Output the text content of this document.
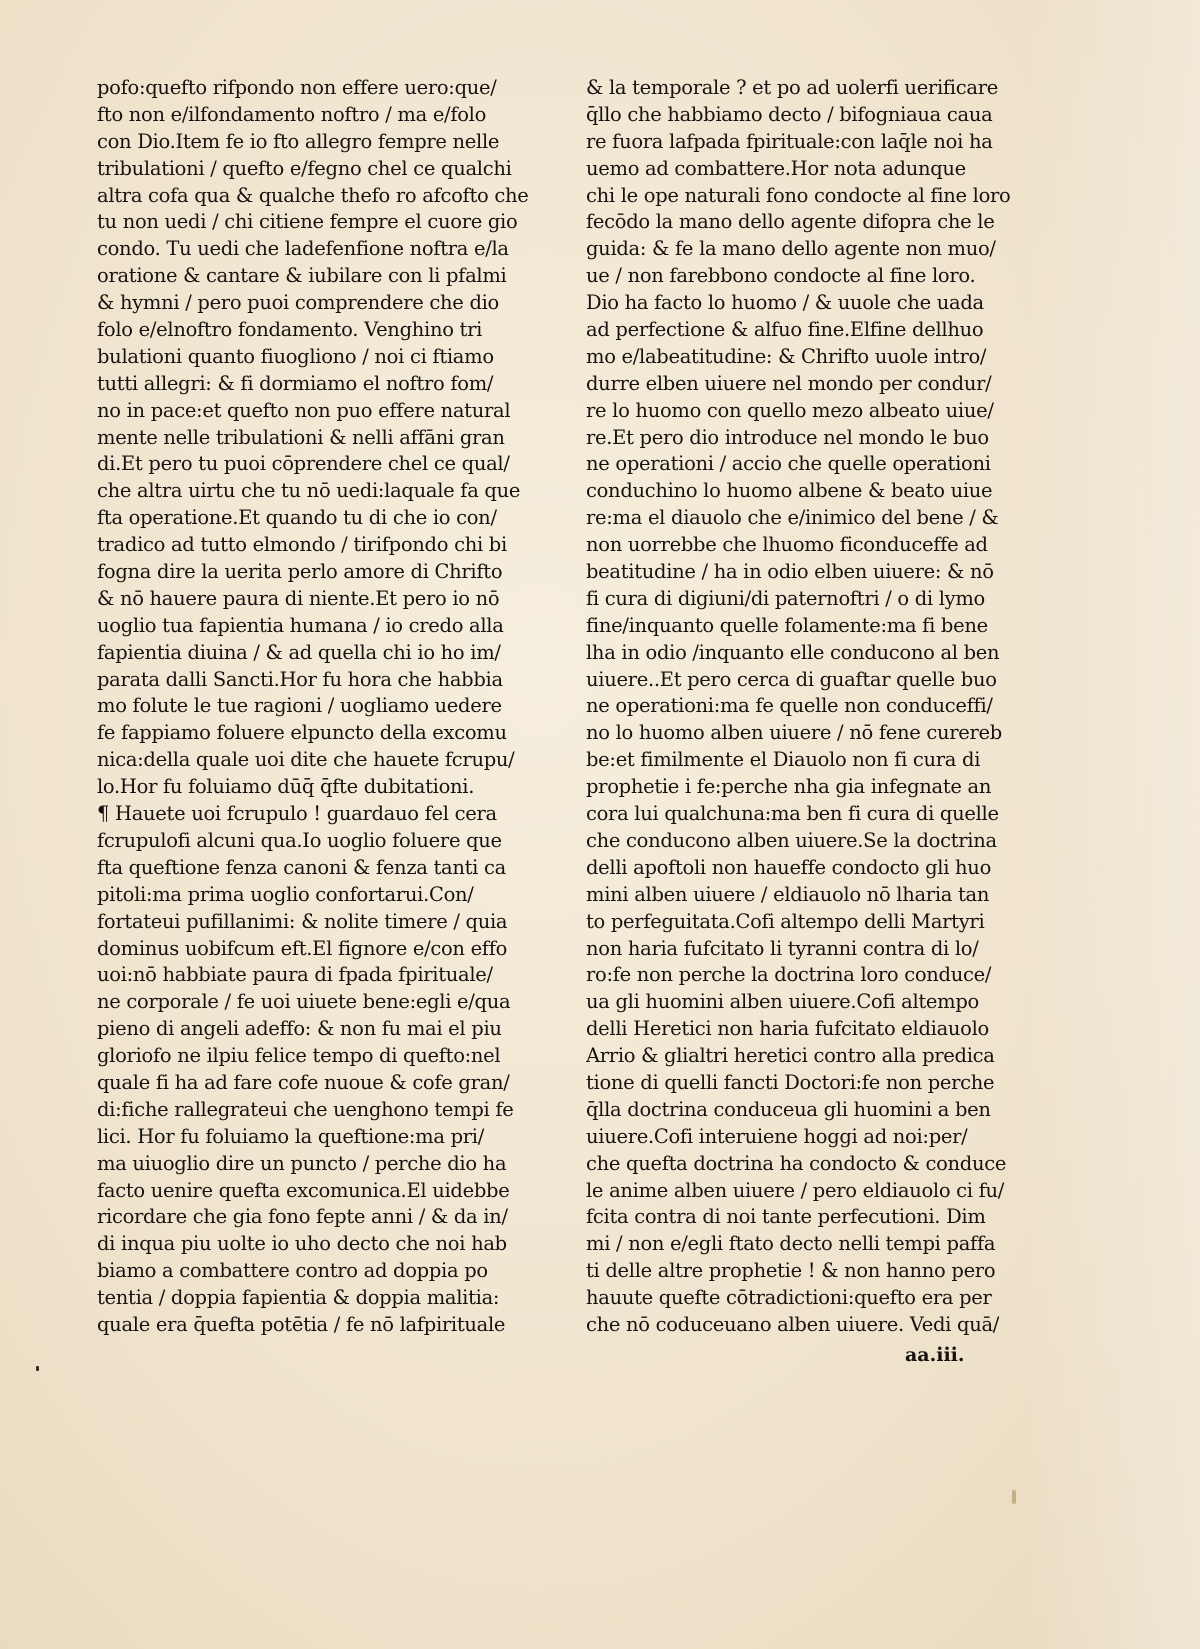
pofo:quefto rifpondo non effere uero:que/
fto non e/ilfondamento noftro / ma e/folo
con Dio.Item fe io fto allegro fempre nelle
tribulationi / quefto e/fegno chel ce qualchi
altra cofa qua & qualche thefo ro afcofto che
tu non uedi / chi citiene fempre el cuore gio
condo. Tu uedi che ladefenfione noftra e/la
oratione & cantare & iubilare con li pfalmi
& hymni / pero puoi comprendere che dio
folo e/elnoftro fondamento. Venghino tri
bulationi quanto fiuogliono / noi ci ftiamo
tutti allegri: & fi dormiamo el noftro fom/
no in pace:et quefto non puo effere natural
mente nelle tribulationi & nelli affāni gran
di.Et pero tu puoi cōprendere chel ce qual/
che altra uirtu che tu nō uedi:laquale fa que
fta operatione.Et quando tu di che io con/
tradico ad tutto elmondo / tirifpondo chi bi
fogna dire la uerita perlo amore di Chrifto
& nō hauere paura di niente.Et pero io nō
uoglio tua fapientia humana / io credo alla
fapientia diuina / & ad quella chi io ho im/
parata dalli Sancti.Hor fu hora che habbia
mo folute le tue ragioni / uogliamo uedere
fe fappiamo foluere elpuncto della excomu
nica:della quale uoi dite che hauete fcrupu/
lo.Hor fu foluiamo dūq̄ q̄fte dubitationi.
¶ Hauete uoi fcrupulo ! guardauo fel cera
fcrupulofi alcuni qua.Io uoglio foluere que
fta queftione fenza canoni & fenza tanti ca
pitoli:ma prima uoglio confortarui.Con/
fortateui pufillanimi: & nolite timere / quia
dominus uobifcum eft.El fignore e/con effo
uoi:nō habbiate paura di fpada fpirituale/
ne corporale / fe uoi uiuete bene:egli e/qua
pieno di angeli adeffo: & non fu mai el piu
gloriofo ne ilpiu felice tempo di quefto:nel
quale fi ha ad fare cofe nuoue & cofe gran/
di:fiche rallegrateui che uenghono tempi fe
lici. Hor fu foluiamo la queftione:ma pri/
ma uiuoglio dire un puncto / perche dio ha
facto uenire quefta excomunica.El uidebbe
ricordare che gia fono fepte anni / & da in/
di inqua piu uolte io uho decto che noi hab
biamo a combattere contro ad doppia po
tentia / doppia fapientia & doppia malitia:
quale era q̄uefta potētia / fe nō lafpirituale
& la temporale ? et po ad uolerfi uerificare
q̄llo che habbiamo decto / bifogniaua caua
re fuora lafpada fpirituale:con laq̄le noi ha
uemo ad combattere.Hor nota adunque
chi le ope naturali fono condocte al fine loro
fecōdo la mano dello agente difopra che le
guida: & fe la mano dello agente non muo/
ue / non farebbono condocte al fine loro.
Dio ha facto lo huomo / & uuole che uada
ad perfectione & alfuo fine.Elfine dellhuo
mo e/labeatitudine: & Chrifto uuole intro/
durre elben uiuere nel mondo per condur/
re lo huomo con quello mezo albeato uiue/
re.Et pero dio introduce nel mondo le buo
ne operationi / accio che quelle operationi
conduchino lo huomo albene & beato uiue
re:ma el diauolo che e/inimico del bene / &
non uorrebbe che lhuomo ficonduceffe ad
beatitudine / ha in odio elben uiuere: & nō
fi cura di digiuni/di paternoftri / o di lymo
fine/inquanto quelle folamente:ma fi bene
lha in odio /inquanto elle conducono al ben
uiuere..Et pero cerca di guaftar quelle buo
ne operationi:ma fe quelle non conduceffi/
no lo huomo alben uiuere / nō fene curereb
be:et fimilmente el Diauolo non fi cura di
prophetie i fe:perche nha gia infegnate an
cora lui qualchuna:ma ben fi cura di quelle
che conducono alben uiuere.Se la doctrina
delli apoftoli non haueffe condocto gli huo
mini alben uiuere / eldiauolo nō lharia tan
to perfeguitata.Cofi altempo delli Martyri
non haria fufcitato li tyranni contra di lo/
ro:fe non perche la doctrina loro conduce/
ua gli huomini alben uiuere.Cofi altempo
delli Heretici non haria fufcitato eldiauolo
Arrio & glialtri heretici contro alla predica
tione di quelli fancti Doctori:fe non perche
q̄lla doctrina conduceua gli huomini a ben
uiuere.Cofi interuiene hoggi ad noi:per/
che quefta doctrina ha condocto & conduce
le anime alben uiuere / pero eldiauolo ci fu/
fcita contra di noi tante perfecutioni. Dim
mi / non e/egli ftato decto nelli tempi paffa
ti delle altre prophetie ! & non hanno pero
hauute quefte cōtradictioni:quefto era per
che nō coduceuano alben uiuere. Vedi quā/
aa.iii.
